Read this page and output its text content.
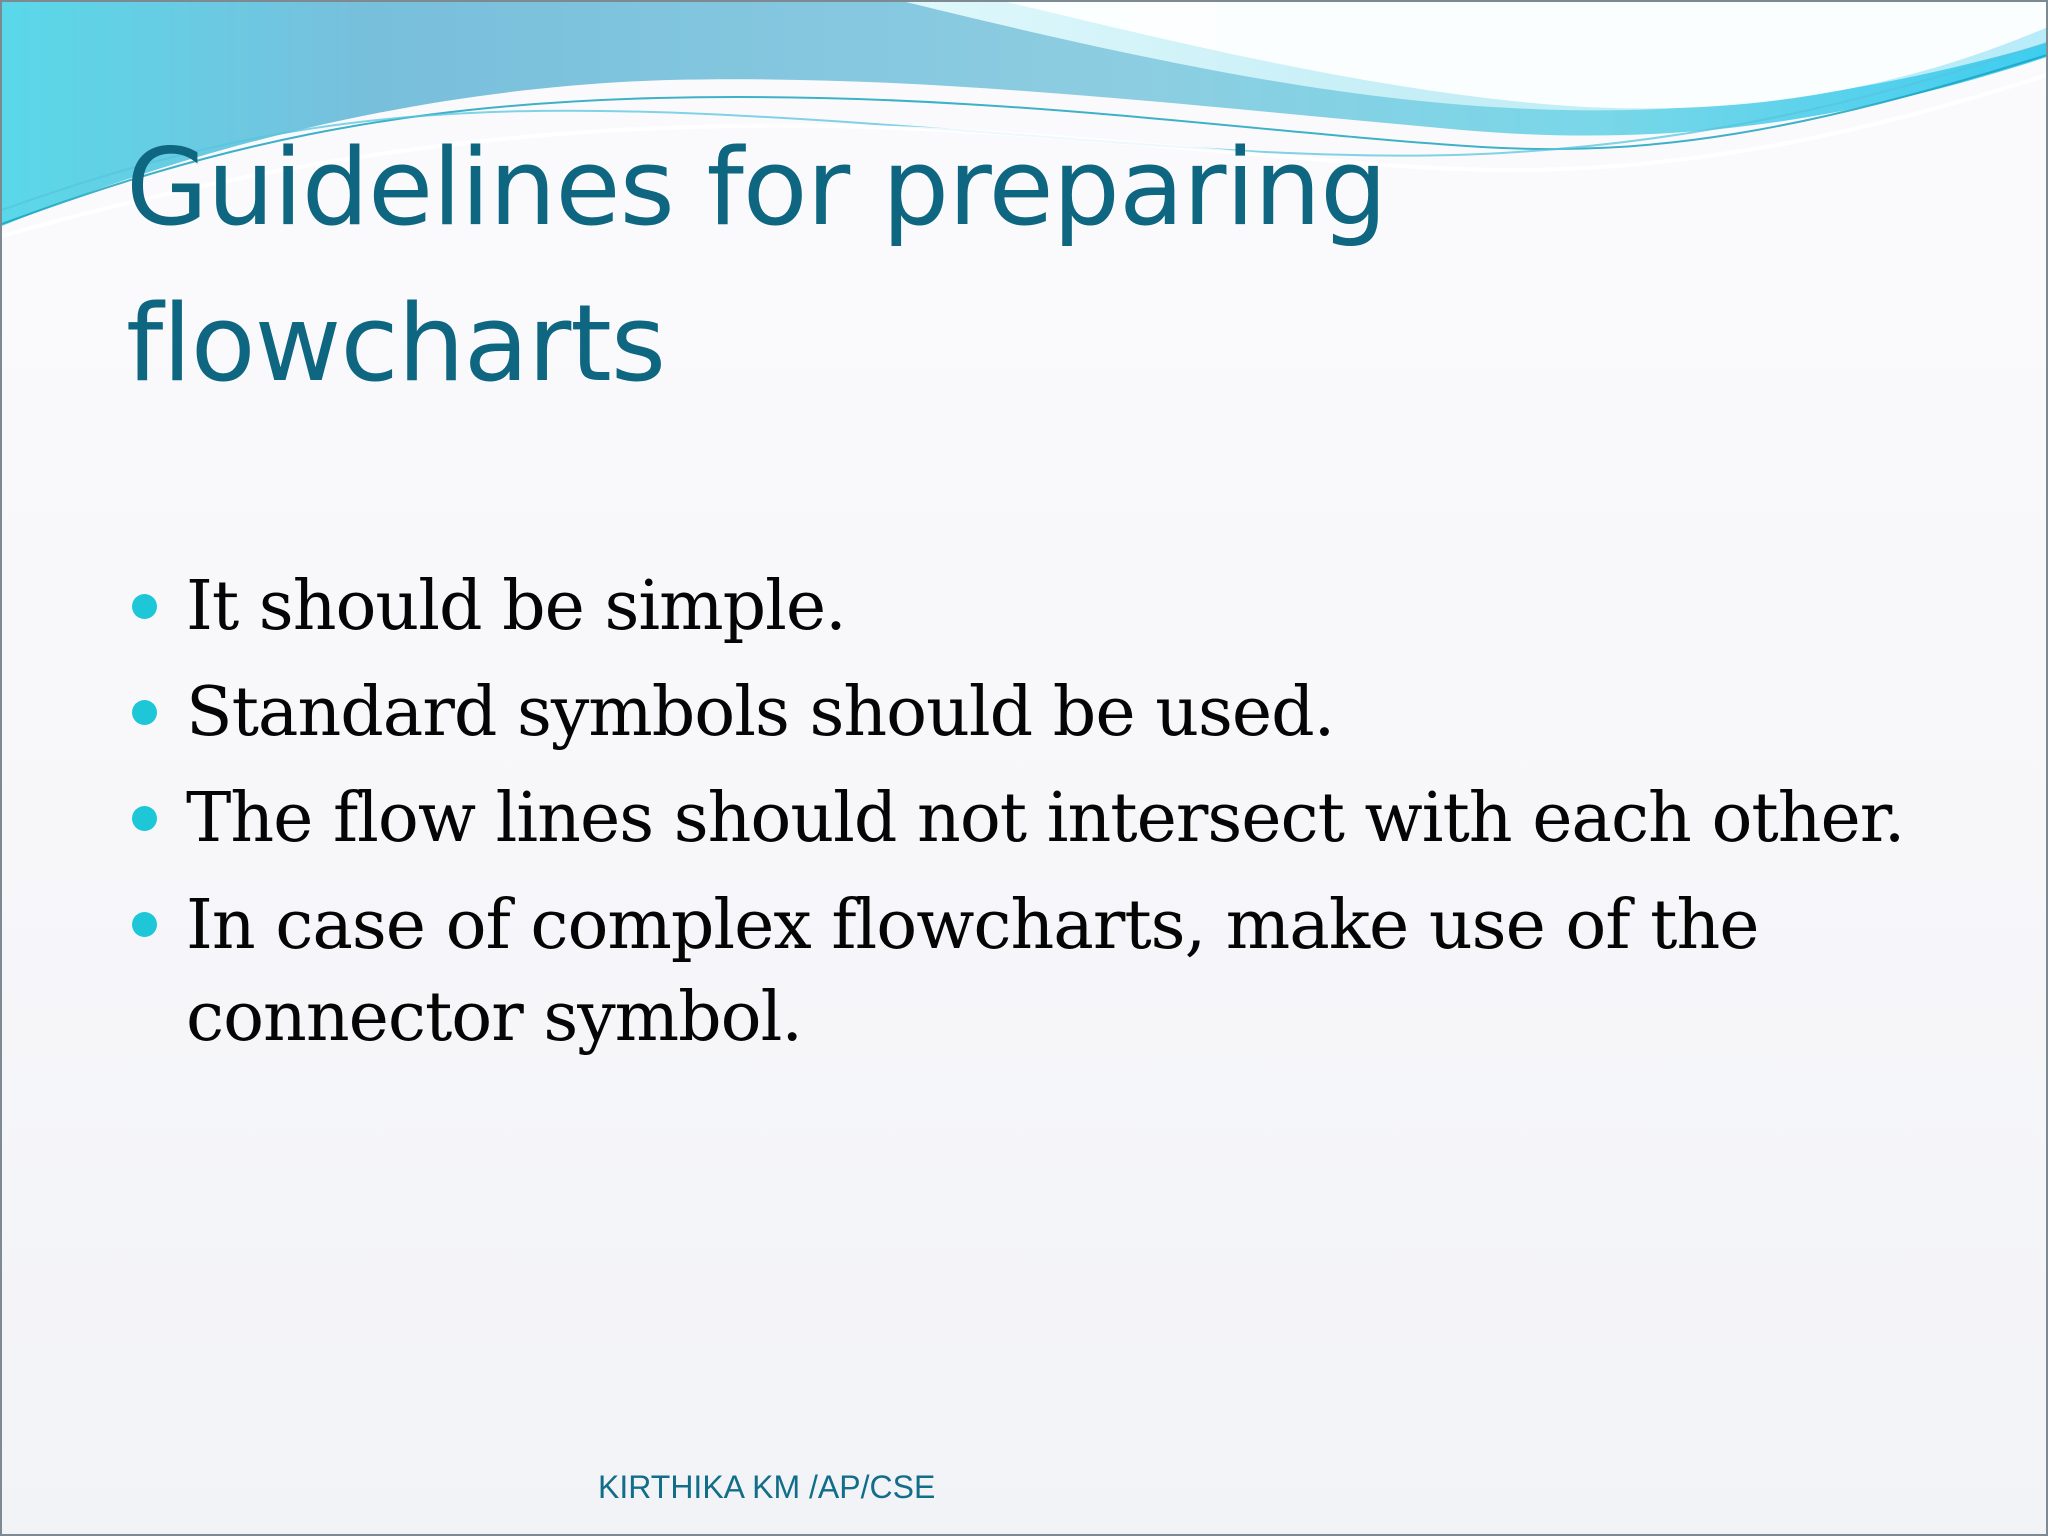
Guidelines for preparing flowcharts
It should be simple.
Standard symbols should be used.
The flow lines should not intersect with each other.
In case of complex flowcharts, make use of the connector symbol.

KIRTHIKA KM /AP/CSE
